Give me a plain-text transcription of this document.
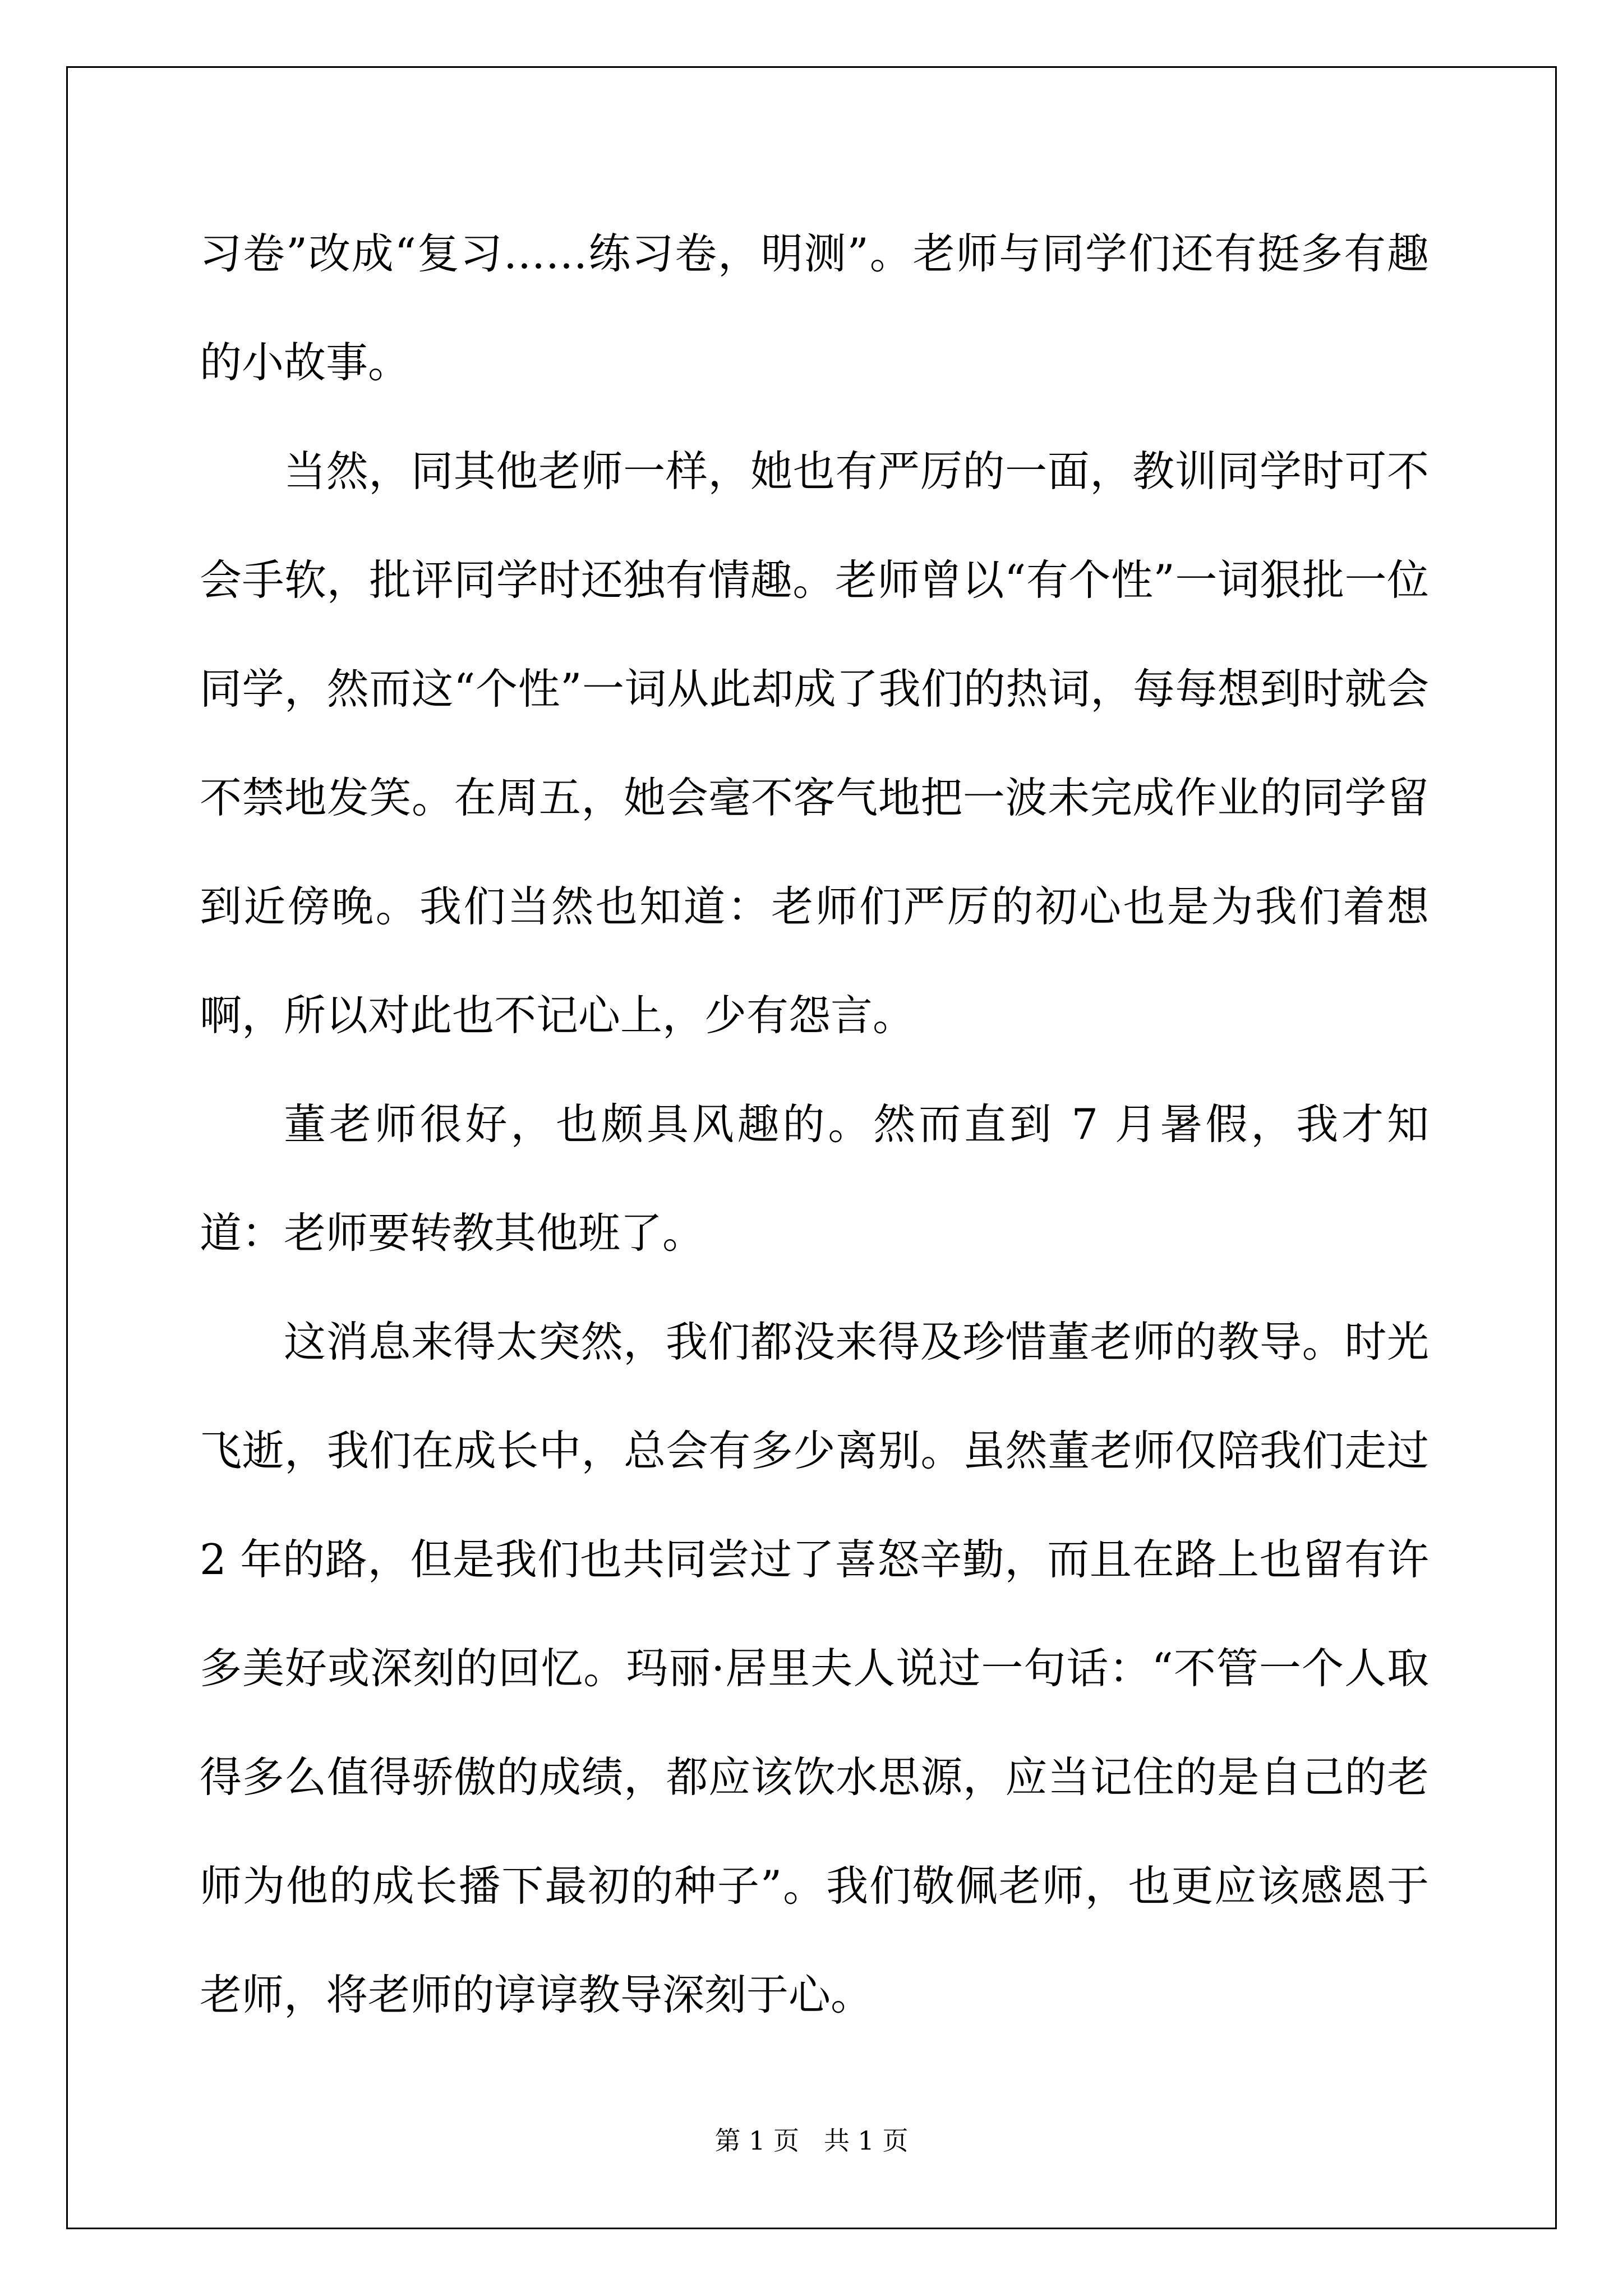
习卷”改成“复习……练习卷，明测”。老师与同学们还有挺多有趣的小故事。

当然，同其他老师一样，她也有严厉的一面，教训同学时可不会手软，批评同学时还独有情趣。老师曾以“有个性”一词狠批一位同学，然而这“个性”一词从此却成了我们的热词，每每想到时就会不禁地发笑。在周五，她会毫不客气地把一波未完成作业的同学留到近傍晚。我们当然也知道：老师们严厉的初心也是为我们着想啊，所以对此也不记心上，少有怨言。

董老师很好，也颇具风趣的。然而直到 7 月暑假，我才知道：老师要转教其他班了。

这消息来得太突然，我们都没来得及珍惜董老师的教导。时光飞逝，我们在成长中，总会有多少离别。虽然董老师仅陪我们走过 2 年的路，但是我们也共同尝过了喜怒辛勤，而且在路上也留有许多美好或深刻的回忆。玛丽·居里夫人说过一句话：“不管一个人取得多么值得骄傲的成绩，都应该饮水思源，应当记住的是自己的老师为他的成长播下最初的种子”。我们敬佩老师，也更应该感恩于老师，将老师的谆谆教导深刻于心。

第 1 页 共 1 页
